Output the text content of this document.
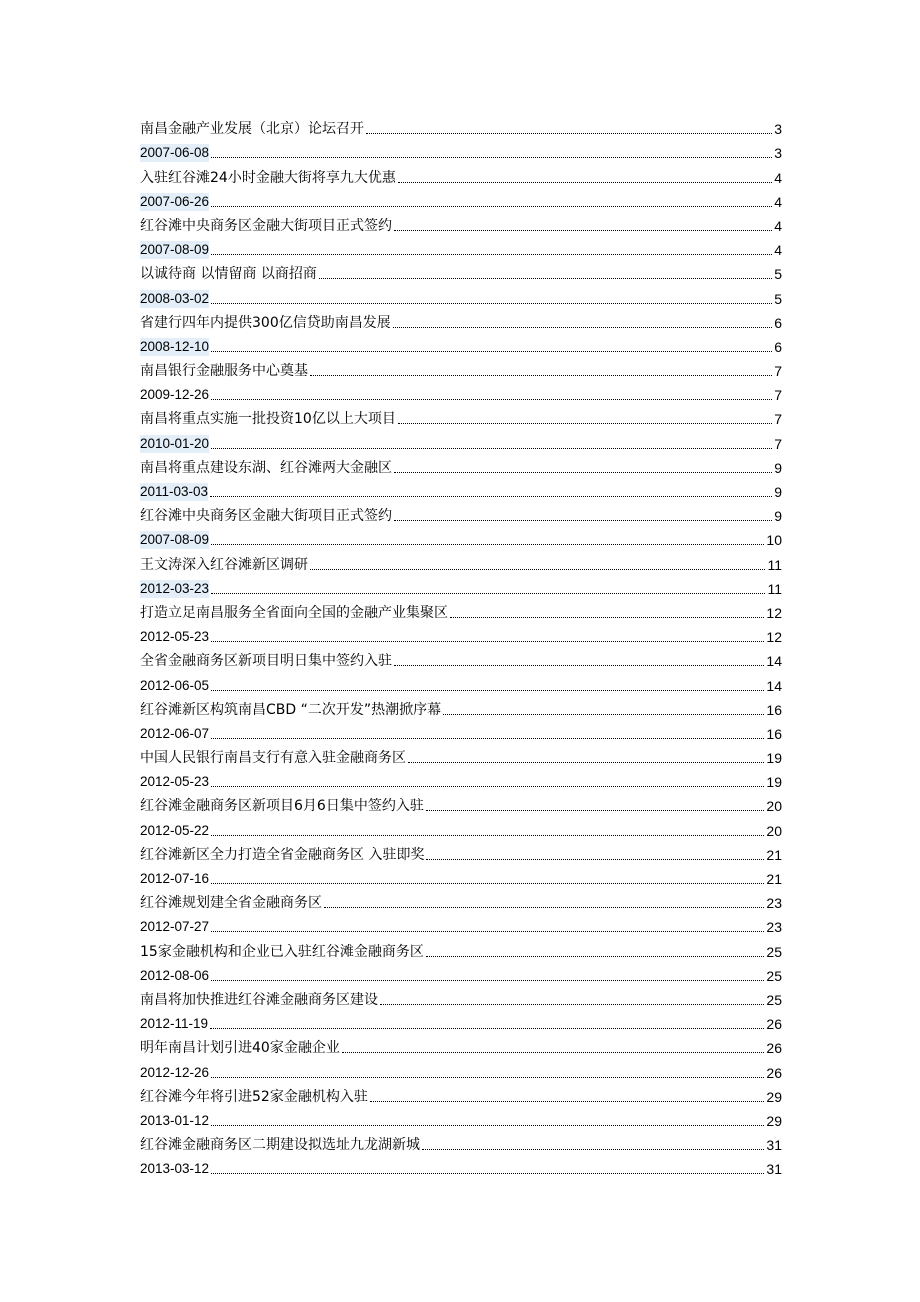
南昌金融产业发展（北京）论坛召开	3
2007-06-08	3
入驻红谷滩24小时金融大街将享九大优惠	4
2007-06-26	4
红谷滩中央商务区金融大街项目正式签约	4
2007-08-09	4
以诚待商 以情留商 以商招商	5
2008-03-02	5
省建行四年内提供300亿信贷助南昌发展	6
2008-12-10	6
南昌银行金融服务中心奠基	7
2009-12-26	7
南昌将重点实施一批投资10亿以上大项目	7
2010-01-20	7
南昌将重点建设东湖、红谷滩两大金融区	9
2011-03-03	9
红谷滩中央商务区金融大街项目正式签约	9
2007-08-09	10
王文涛深入红谷滩新区调研	11
2012-03-23	11
打造立足南昌服务全省面向全国的金融产业集聚区	12
2012-05-23	12
全省金融商务区新项目明日集中签约入驻	14
2012-06-05	14
红谷滩新区构筑南昌CBD “二次开发”热潮掀序幕	16
2012-06-07	16
中国人民银行南昌支行有意入驻金融商务区	19
2012-05-23	19
红谷滩金融商务区新项目6月6日集中签约入驻	20
2012-05-22	20
红谷滩新区全力打造全省金融商务区 入驻即奖	21
2012-07-16	21
红谷滩规划建全省金融商务区	23
2012-07-27	23
15家金融机构和企业已入驻红谷滩金融商务区	25
2012-08-06	25
南昌将加快推进红谷滩金融商务区建设	25
2012-11-19	26
明年南昌计划引进40家金融企业	26
2012-12-26	26
红谷滩今年将引进52家金融机构入驻	29
2013-01-12	29
红谷滩金融商务区二期建设拟选址九龙湖新城	31
2013-03-12	31
